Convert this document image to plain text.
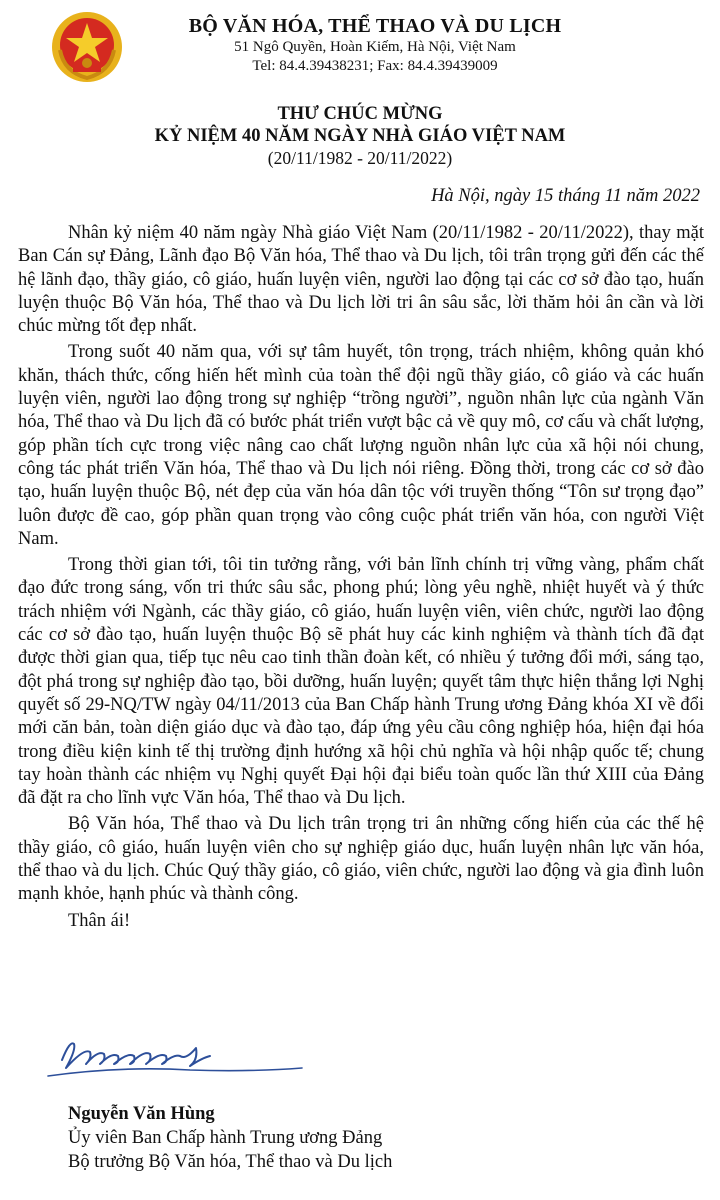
BỘ VĂN HÓA, THỂ THAO VÀ DU LỊCH
51 Ngô Quyền, Hoàn Kiếm, Hà Nội, Việt Nam
Tel: 84.4.39438231; Fax: 84.4.39439009
THƯ CHÚC MỪNG
KỶ NIỆM 40 NĂM NGÀY NHÀ GIÁO VIỆT NAM
(20/11/1982 - 20/11/2022)
Hà Nội, ngày 15 tháng 11 năm 2022

Nhân kỷ niệm 40 năm ngày Nhà giáo Việt Nam (20/11/1982 - 20/11/2022), thay mặt Ban Cán sự Đảng, Lãnh đạo Bộ Văn hóa, Thể thao và Du lịch, tôi trân trọng gửi đến các thế hệ lãnh đạo, thầy giáo, cô giáo, huấn luyện viên, người lao động tại các cơ sở đào tạo, huấn luyện thuộc Bộ Văn hóa, Thể thao và Du lịch lời tri ân sâu sắc, lời thăm hỏi ân cần và lời chúc mừng tốt đẹp nhất.

Trong suốt 40 năm qua, với sự tâm huyết, tôn trọng, trách nhiệm, không quản khó khăn, thách thức, cống hiến hết mình của toàn thể đội ngũ thầy giáo, cô giáo và các huấn luyện viên, người lao động trong sự nghiệp “trồng người”, nguồn nhân lực của ngành Văn hóa, Thể thao và Du lịch đã có bước phát triển vượt bậc cả về quy mô, cơ cấu và chất lượng, góp phần tích cực trong việc nâng cao chất lượng nguồn nhân lực của xã hội nói chung, công tác phát triển Văn hóa, Thể thao và Du lịch nói riêng. Đồng thời, trong các cơ sở đào tạo, huấn luyện thuộc Bộ, nét đẹp của văn hóa dân tộc với truyền thống “Tôn sư trọng đạo” luôn được đề cao, góp phần quan trọng vào công cuộc phát triển văn hóa, con người Việt Nam.

Trong thời gian tới, tôi tin tưởng rằng, với bản lĩnh chính trị vững vàng, phẩm chất đạo đức trong sáng, vốn tri thức sâu sắc, phong phú; lòng yêu nghề, nhiệt huyết và ý thức trách nhiệm với Ngành, các thầy giáo, cô giáo, huấn luyện viên, viên chức, người lao động các cơ sở đào tạo, huấn luyện thuộc Bộ sẽ phát huy các kinh nghiệm và thành tích đã đạt được thời gian qua, tiếp tục nêu cao tinh thần đoàn kết, có nhiều ý tưởng đổi mới, sáng tạo, đột phá trong sự nghiệp đào tạo, bồi dưỡng, huấn luyện; quyết tâm thực hiện thắng lợi Nghị quyết số 29-NQ/TW ngày 04/11/2013 của Ban Chấp hành Trung ương Đảng khóa XI về đổi mới căn bản, toàn diện giáo dục và đào tạo, đáp ứng yêu cầu công nghiệp hóa, hiện đại hóa trong điều kiện kinh tế thị trường định hướng xã hội chủ nghĩa và hội nhập quốc tế; chung tay hoàn thành các nhiệm vụ Nghị quyết Đại hội đại biểu toàn quốc lần thứ XIII của Đảng đã đặt ra cho lĩnh vực Văn hóa, Thể thao và Du lịch.

Bộ Văn hóa, Thể thao và Du lịch trân trọng tri ân những cống hiến của các thế hệ thầy giáo, cô giáo, huấn luyện viên cho sự nghiệp giáo dục, huấn luyện nhân lực văn hóa, thể thao và du lịch. Chúc Quý thầy giáo, cô giáo, viên chức, người lao động và gia đình luôn mạnh khỏe, hạnh phúc và thành công.

Thân ái!

Nguyễn Văn Hùng
Ủy viên Ban Chấp hành Trung ương Đảng
Bộ trưởng Bộ Văn hóa, Thể thao và Du lịch
